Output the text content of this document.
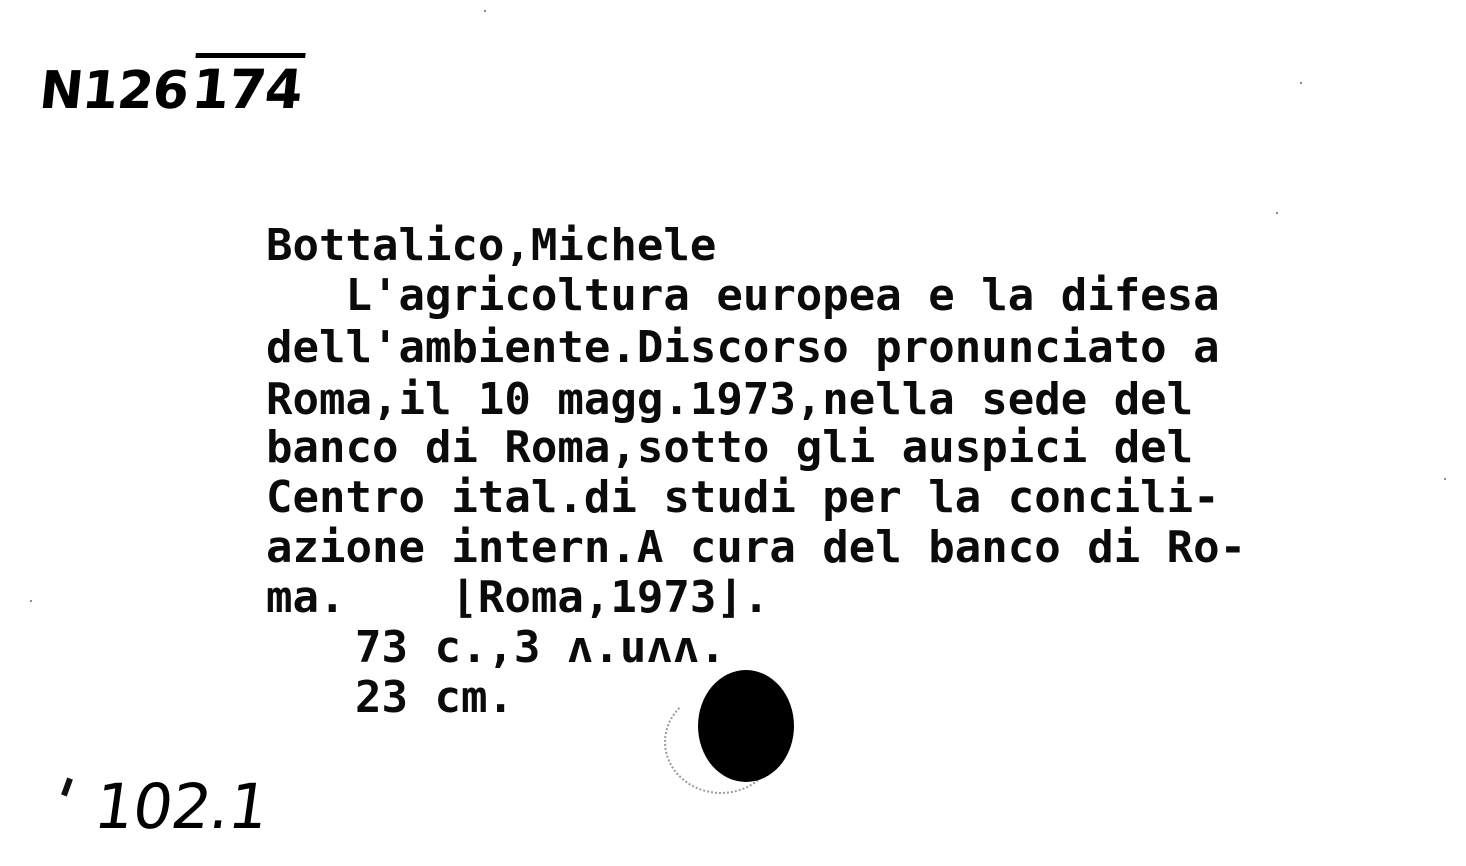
N126174
Bottalico,Michele
L'agricoltura europea e la difesa
dell'ambiente.Discorso pronunciato a
Roma,il 10 magg.1973,nella sede del
banco di Roma,sotto gli auspici del
Centro ital.di studi per la concili-
azione intern.A cura del banco di Ro-
ma.    ⌊Roma,1973⌋.
73 c.,3 ʌ.uʌʌ.
23 cm.
102.1
